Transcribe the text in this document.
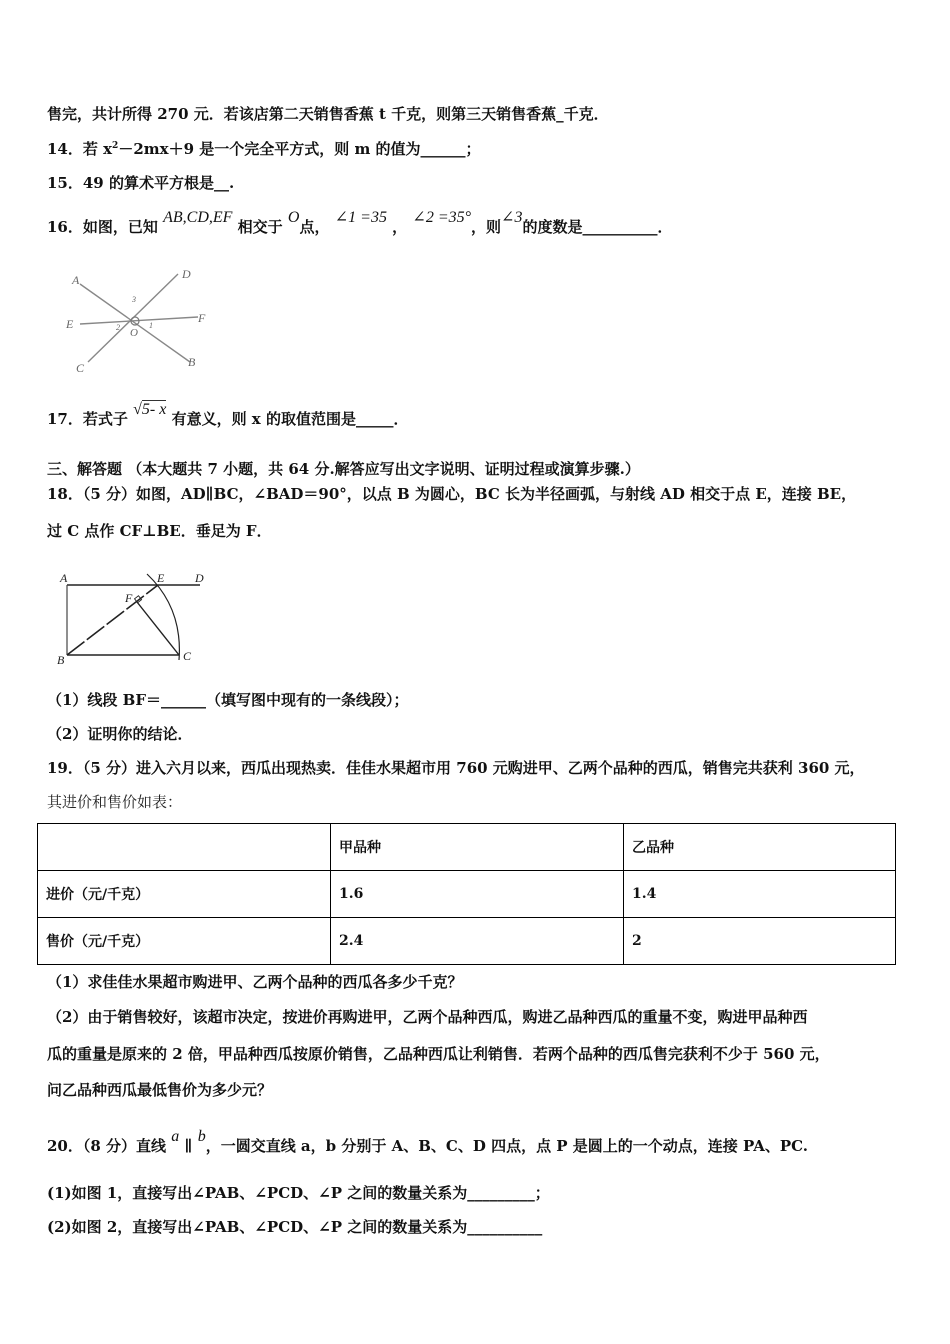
售完，共计所得 270 元．若该店第二天销售香蕉 t 千克，则第三天销售香蕉_千克．
14．若 $x^2-2mx+9$ 是一个完全平方式，则 m 的值为______；
15．49 的算术平方根是__.
16．如图，已知 AB,CD,EF 相交于 O点， ∠1 =35 ， ∠2 =35°，则∠3的度数是__________．
A	D
E	F
C	B
O
1
2
3
17．若式子 √5- x 有意义，则 x 的取值范围是_____．
三、解答题 （本大题共 7 小题，共 64 分.解答应写出文字说明、证明过程或演算步骤.）
18．（5 分）如图，AD∥BC，∠BAD＝90°，以点 B 为圆心，BC 长为半径画弧，与射线 AD 相交于点 E，连接 BE，
过 C 点作 CF⊥BE．垂足为 F．
A	E	D
F
B	C
（1）线段 BF＝______（填写图中现有的一条线段）；
（2）证明你的结论．
19．（5 分）进入六月以来，西瓜出现热卖．佳佳水果超市用 760 元购进甲、乙两个品种的西瓜，销售完共获利 360 元，
其进价和售价如表：
	甲品种	乙品种
进价（元/千克）	1.6	1.4
售价（元/千克）	2.4	2
（1）求佳佳水果超市购进甲、乙两个品种的西瓜各多少千克？
（2）由于销售较好，该超市决定，按进价再购进甲，乙两个品种西瓜，购进乙品种西瓜的重量不变，购进甲品种西
瓜的重量是原来的 2 倍，甲品种西瓜按原价销售，乙品种西瓜让利销售．若两个品种的西瓜售完获利不少于 560 元，
问乙品种西瓜最低售价为多少元？
20．（8 分）直线 a ∥ b，一圆交直线 a，b 分别于 A、B、C、D 四点，点 P 是圆上的一个动点，连接 PA、PC.
(1)如图 1，直接写出∠PAB、∠PCD、∠P 之间的数量关系为_________；
(2)如图 2，直接写出∠PAB、∠PCD、∠P 之间的数量关系为__________
